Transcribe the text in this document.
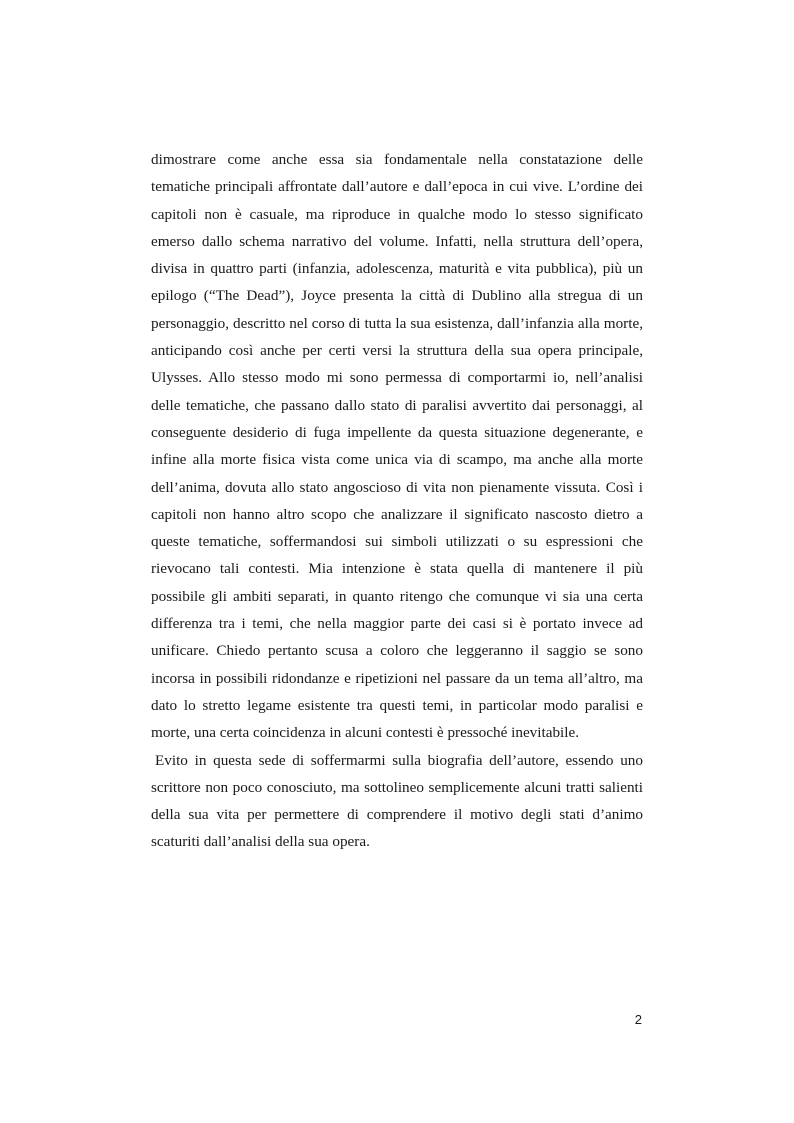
dimostrare come anche essa sia fondamentale nella constatazione delle tematiche principali affrontate dall’autore e dall’epoca in cui vive. L’ordine dei capitoli non è casuale, ma riproduce in qualche modo lo stesso significato emerso dallo schema narrativo del volume. Infatti, nella struttura dell’opera, divisa in quattro parti (infanzia, adolescenza, maturità e vita pubblica), più un epilogo (“The Dead”), Joyce presenta la città di Dublino alla stregua di un personaggio, descritto nel corso di tutta la sua esistenza, dall’infanzia alla morte, anticipando così anche per certi versi la struttura della sua opera principale, Ulysses. Allo stesso modo mi sono permessa di comportarmi io, nell’analisi delle tematiche, che passano dallo stato di paralisi avvertito dai personaggi, al conseguente desiderio di fuga impellente da questa situazione degenerante, e infine alla morte fisica vista come unica via di scampo, ma anche alla morte dell’anima, dovuta allo stato angoscioso di vita non pienamente vissuta. Così i capitoli non hanno altro scopo che analizzare il significato nascosto dietro a queste tematiche, soffermandosi sui simboli utilizzati o su espressioni che rievocano tali contesti. Mia intenzione è stata quella di mantenere il più possibile gli ambiti separati, in quanto ritengo che comunque vi sia una certa differenza tra i temi, che nella maggior parte dei casi si è portato invece ad unificare. Chiedo pertanto scusa a coloro che leggeranno il saggio se sono incorsa in possibili ridondanze e ripetizioni nel passare da un tema all’altro, ma dato lo stretto legame esistente tra questi temi, in particolar modo paralisi e morte, una certa coincidenza in alcuni contesti è pressoché inevitabile.

Evito in questa sede di soffermarmi sulla biografia dell’autore, essendo uno scrittore non poco conosciuto, ma sottolineo semplicemente alcuni tratti salienti della sua vita per permettere di comprendere il motivo degli stati d’animo scaturiti dall’analisi della sua opera.

2
